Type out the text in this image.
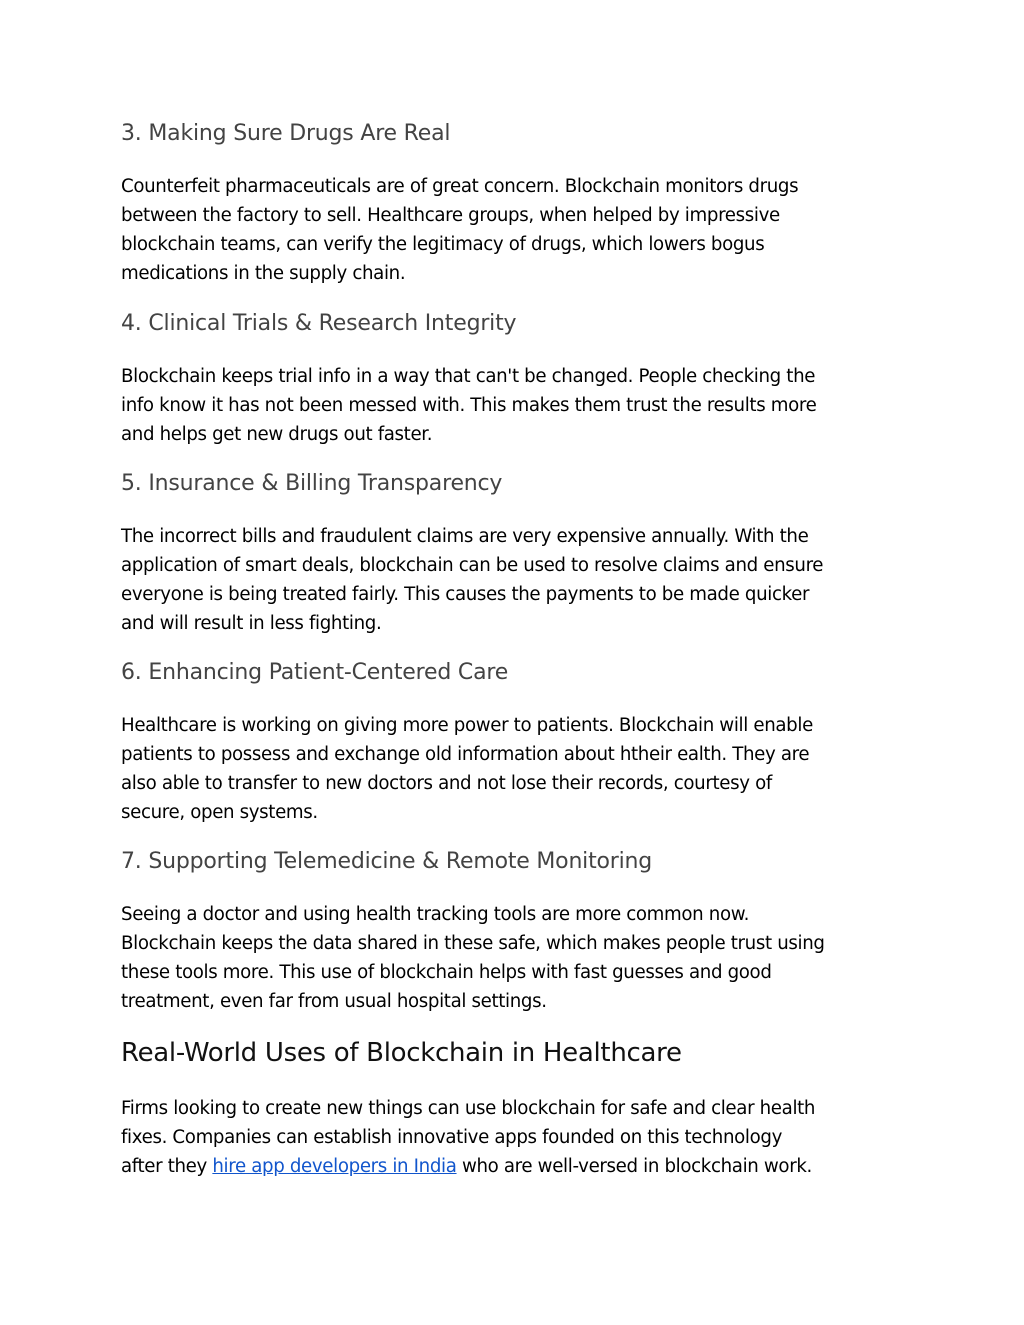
3. Making Sure Drugs Are Real

Counterfeit pharmaceuticals are of great concern. Blockchain monitors drugs
between the factory to sell. Healthcare groups, when helped by impressive
blockchain teams, can verify the legitimacy of drugs, which lowers bogus
medications in the supply chain.

4. Clinical Trials & Research Integrity

Blockchain keeps trial info in a way that can't be changed. People checking the
info know it has not been messed with. This makes them trust the results more
and helps get new drugs out faster.

5. Insurance & Billing Transparency

The incorrect bills and fraudulent claims are very expensive annually. With the
application of smart deals, blockchain can be used to resolve claims and ensure
everyone is being treated fairly. This causes the payments to be made quicker
and will result in less fighting.

6. Enhancing Patient-Centered Care

Healthcare is working on giving more power to patients. Blockchain will enable
patients to possess and exchange old information about htheir ealth. They are
also able to transfer to new doctors and not lose their records, courtesy of
secure, open systems.

7. Supporting Telemedicine & Remote Monitoring

Seeing a doctor and using health tracking tools are more common now.
Blockchain keeps the data shared in these safe, which makes people trust using
these tools more. This use of blockchain helps with fast guesses and good
treatment, even far from usual hospital settings.

Real-World Uses of Blockchain in Healthcare

Firms looking to create new things can use blockchain for safe and clear health
fixes. Companies can establish innovative apps founded on this technology
after they hire app developers in India who are well-versed in blockchain work.
